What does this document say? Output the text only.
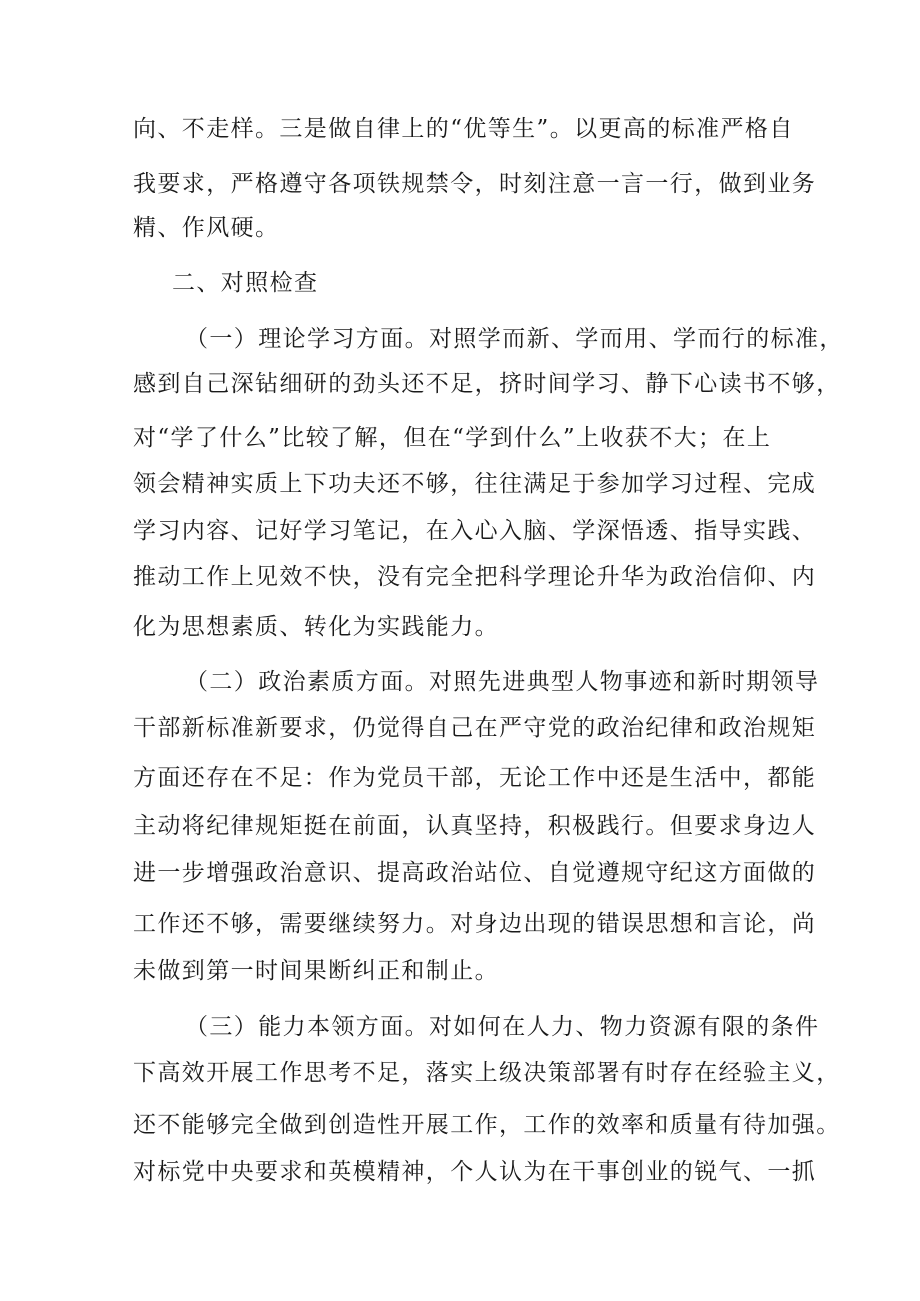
向、不走样。三是做自律上的“优等生”。以更高的标准严格自
我要求，严格遵守各项铁规禁令，时刻注意一言一行，做到业务
精、作风硬。
二、对照检查
（一）理论学习方面。对照学而新、学而用、学而行的标准，
感到自己深钻细研的劲头还不足，挤时间学习、静下心读书不够，
对“学了什么”比较了解，但在“学到什么”上收获不大；在上
领会精神实质上下功夫还不够，往往满足于参加学习过程、完成
学习内容、记好学习笔记，在入心入脑、学深悟透、指导实践、
推动工作上见效不快，没有完全把科学理论升华为政治信仰、内
化为思想素质、转化为实践能力。
（二）政治素质方面。对照先进典型人物事迹和新时期领导
干部新标准新要求，仍觉得自己在严守党的政治纪律和政治规矩
方面还存在不足：作为党员干部，无论工作中还是生活中，都能
主动将纪律规矩挺在前面，认真坚持，积极践行。但要求身边人
进一步增强政治意识、提高政治站位、自觉遵规守纪这方面做的
工作还不够，需要继续努力。对身边出现的错误思想和言论，尚
未做到第一时间果断纠正和制止。
（三）能力本领方面。对如何在人力、物力资源有限的条件
下高效开展工作思考不足，落实上级决策部署有时存在经验主义，
还不能够完全做到创造性开展工作，工作的效率和质量有待加强。
对标党中央要求和英模精神，个人认为在干事创业的锐气、一抓
